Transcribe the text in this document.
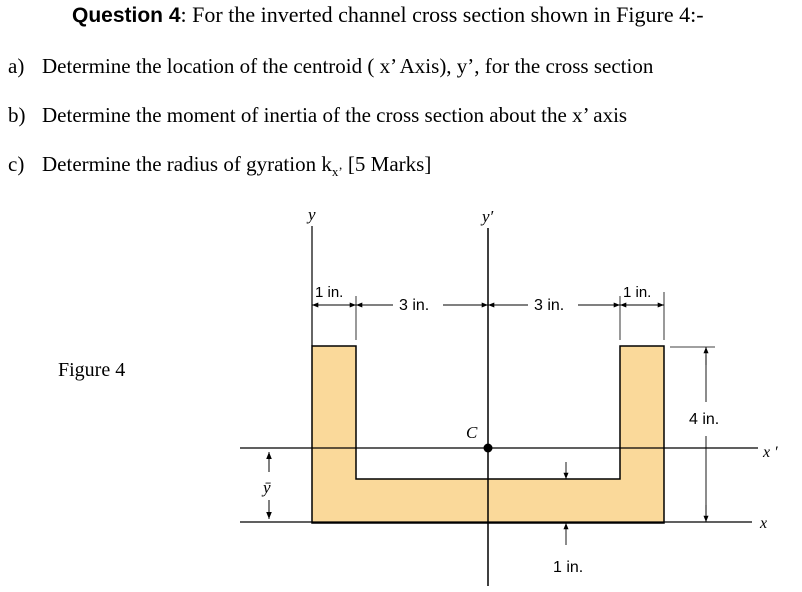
Question 4: For the inverted channel cross section shown in Figure 4:-
a) Determine the location of the centroid ( x’ Axis), y’, for the cross section
b) Determine the moment of inertia of the cross section about the x’ axis
c) Determine the radius of gyration $k_{x’}$ [5 Marks]
Figure 4
y	y′
x ′
x
C
ȳ
1 in.
3 in.	3 in.
1 in.
4 in.
1 in.
